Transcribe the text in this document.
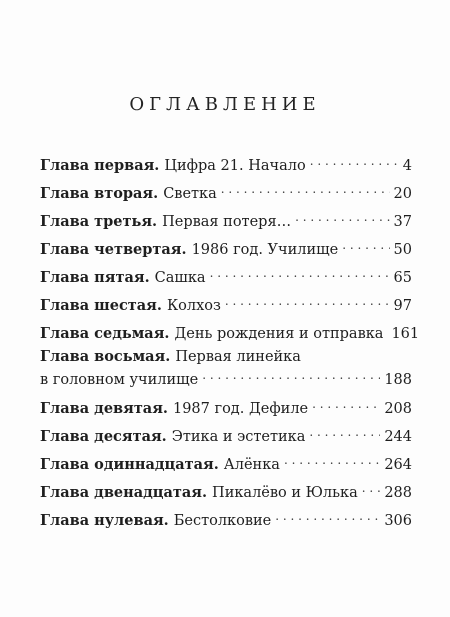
ОГЛАВЛЕНИЕ
Глава первая. Цифра 21. Начало . . .	4
Глава вторая. Светка . . .	20
Глава третья. Первая потеря… . . .	37
Глава четвертая. 1986 год. Училище . . .	50
Глава пятая. Сашка . . .	65
Глава шестая. Колхоз . . .	97
Глава седьмая. День рождения и отправка 161
Глава восьмая. Первая линейка
в головном училище . . .	188
Глава девятая. 1987 год. Дефиле . . .	208
Глава десятая. Этика и эстетика . . .	244
Глава одиннадцатая. Алёнка . . .	264
Глава двенадцатая. Пикалёво и Юлька . . . 288
Глава нулевая. Бестолковие . . .	306
